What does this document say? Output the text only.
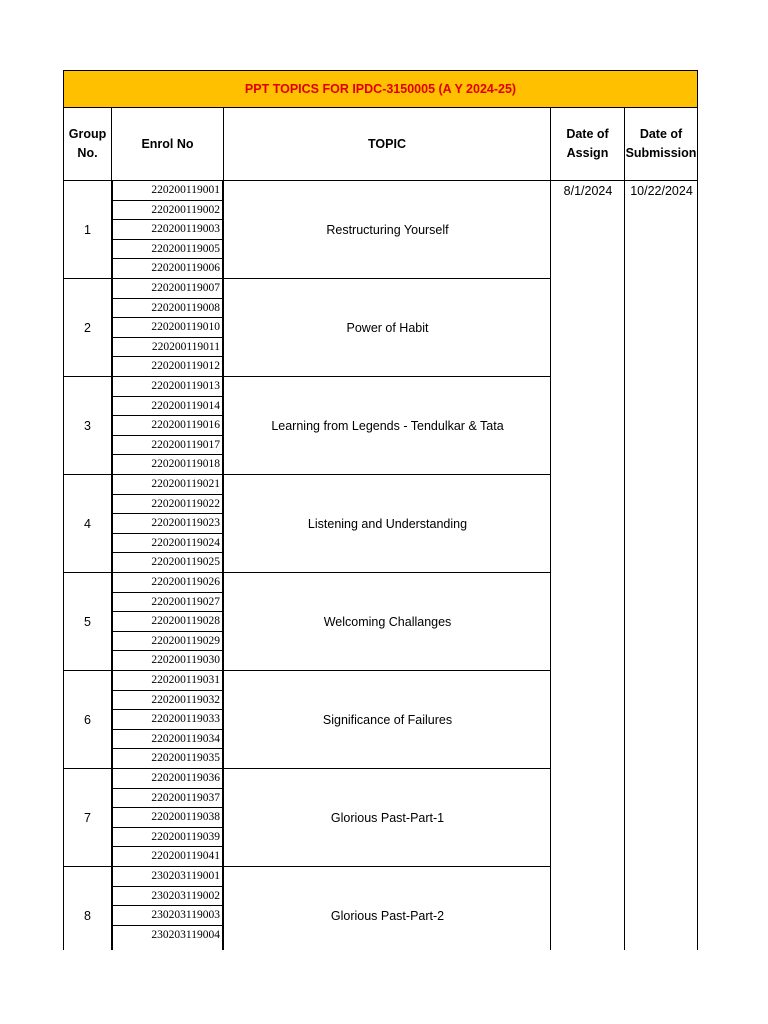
PPT TOPICS FOR IPDC-3150005 (A Y 2024-25)
Group
No.
Enrol No	TOPIC
Date of
Assign
Date of
Submission
1
220200119001
220200119002
220200119003
220200119005
220200119006
Restructuring Yourself
2
220200119007
220200119008
220200119010
220200119011
220200119012
Power of Habit
3
220200119013
220200119014
220200119016
220200119017
220200119018
Learning from Legends - Tendulkar & Tata
4
220200119021
220200119022
220200119023
220200119024
220200119025
Listening and Understanding
5
220200119026
220200119027
220200119028
220200119029
220200119030
Welcoming Challanges
6
220200119031
220200119032
220200119033
220200119034
220200119035
Significance of Failures
7
220200119036
220200119037
220200119038
220200119039
220200119041
Glorious Past-Part-1
8
230203119001
230203119002
230203119003
230203119004
Glorious Past-Part-2
8/1/2024	10/22/2024
